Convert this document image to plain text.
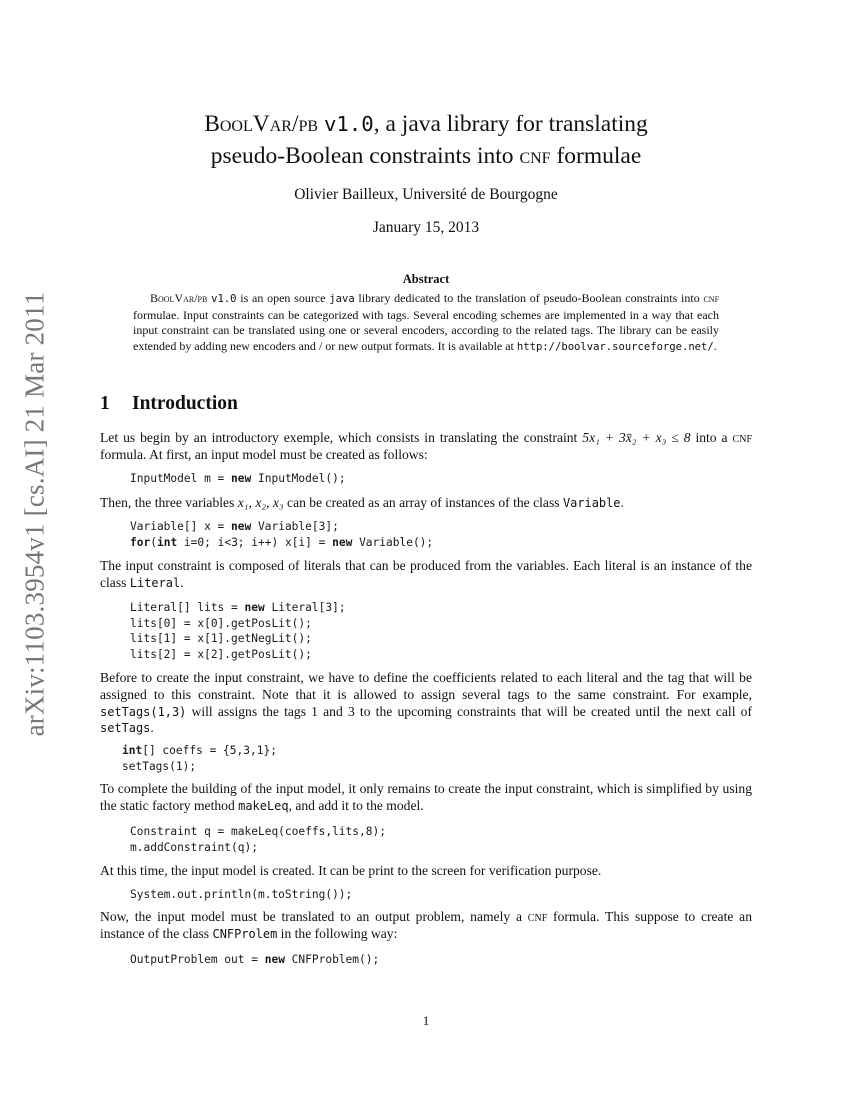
arXiv:1103.3954v1 [cs.AI] 21 Mar 2011
BoolVar/pb v1.0, a java library for translating
pseudo-Boolean constraints into cnf formulae
Olivier Bailleux, Université de Bourgogne
January 15, 2013
Abstract
BoolVar/pb v1.0 is an open source java library dedicated to the translation of pseudo-Boolean constraints into cnf formulae. Input constraints can be categorized with tags. Several encoding schemes are implemented in a way that each input constraint can be translated using one or several encoders, according to the related tags. The library can be easily extended by adding new encoders and / or new output formats. It is available at http://boolvar.sourceforge.net/.
1 Introduction
Let us begin by an introductory exemple, which consists in translating the constraint 5x₁ + 3x̄₂ + x₃ ≤ 8 into a cnf formula. At first, an input model must be created as follows:
InputModel m = new InputModel();
Then, the three variables x₁, x₂, x₃ can be created as an array of instances of the class Variable.
Variable[] x = new Variable[3];
for(int i=0; i<3; i++) x[i] = new Variable();
The input constraint is composed of literals that can be produced from the variables. Each literal is an instance of the class Literal.
Literal[] lits = new Literal[3];
lits[0] = x[0].getPosLit();
lits[1] = x[1].getNegLit();
lits[2] = x[2].getPosLit();
Before to create the input constraint, we have to define the coefficients related to each literal and the tag that will be assigned to this constraint. Note that it is allowed to assign several tags to the same constraint. For example, setTags(1,3) will assigns the tags 1 and 3 to the upcoming constraints that will be created until the next call of setTags.
int[] coeffs = {5,3,1};
setTags(1);
To complete the building of the input model, it only remains to create the input constraint, which is simplified by using the static factory method makeLeq, and add it to the model.
Constraint q = makeLeq(coeffs,lits,8);
m.addConstraint(q);
At this time, the input model is created. It can be print to the screen for verification purpose.
System.out.println(m.toString());
Now, the input model must be translated to an output problem, namely a cnf formula. This suppose to create an instance of the class CNFProlem in the following way:
OutputProblem out = new CNFProblem();
1
